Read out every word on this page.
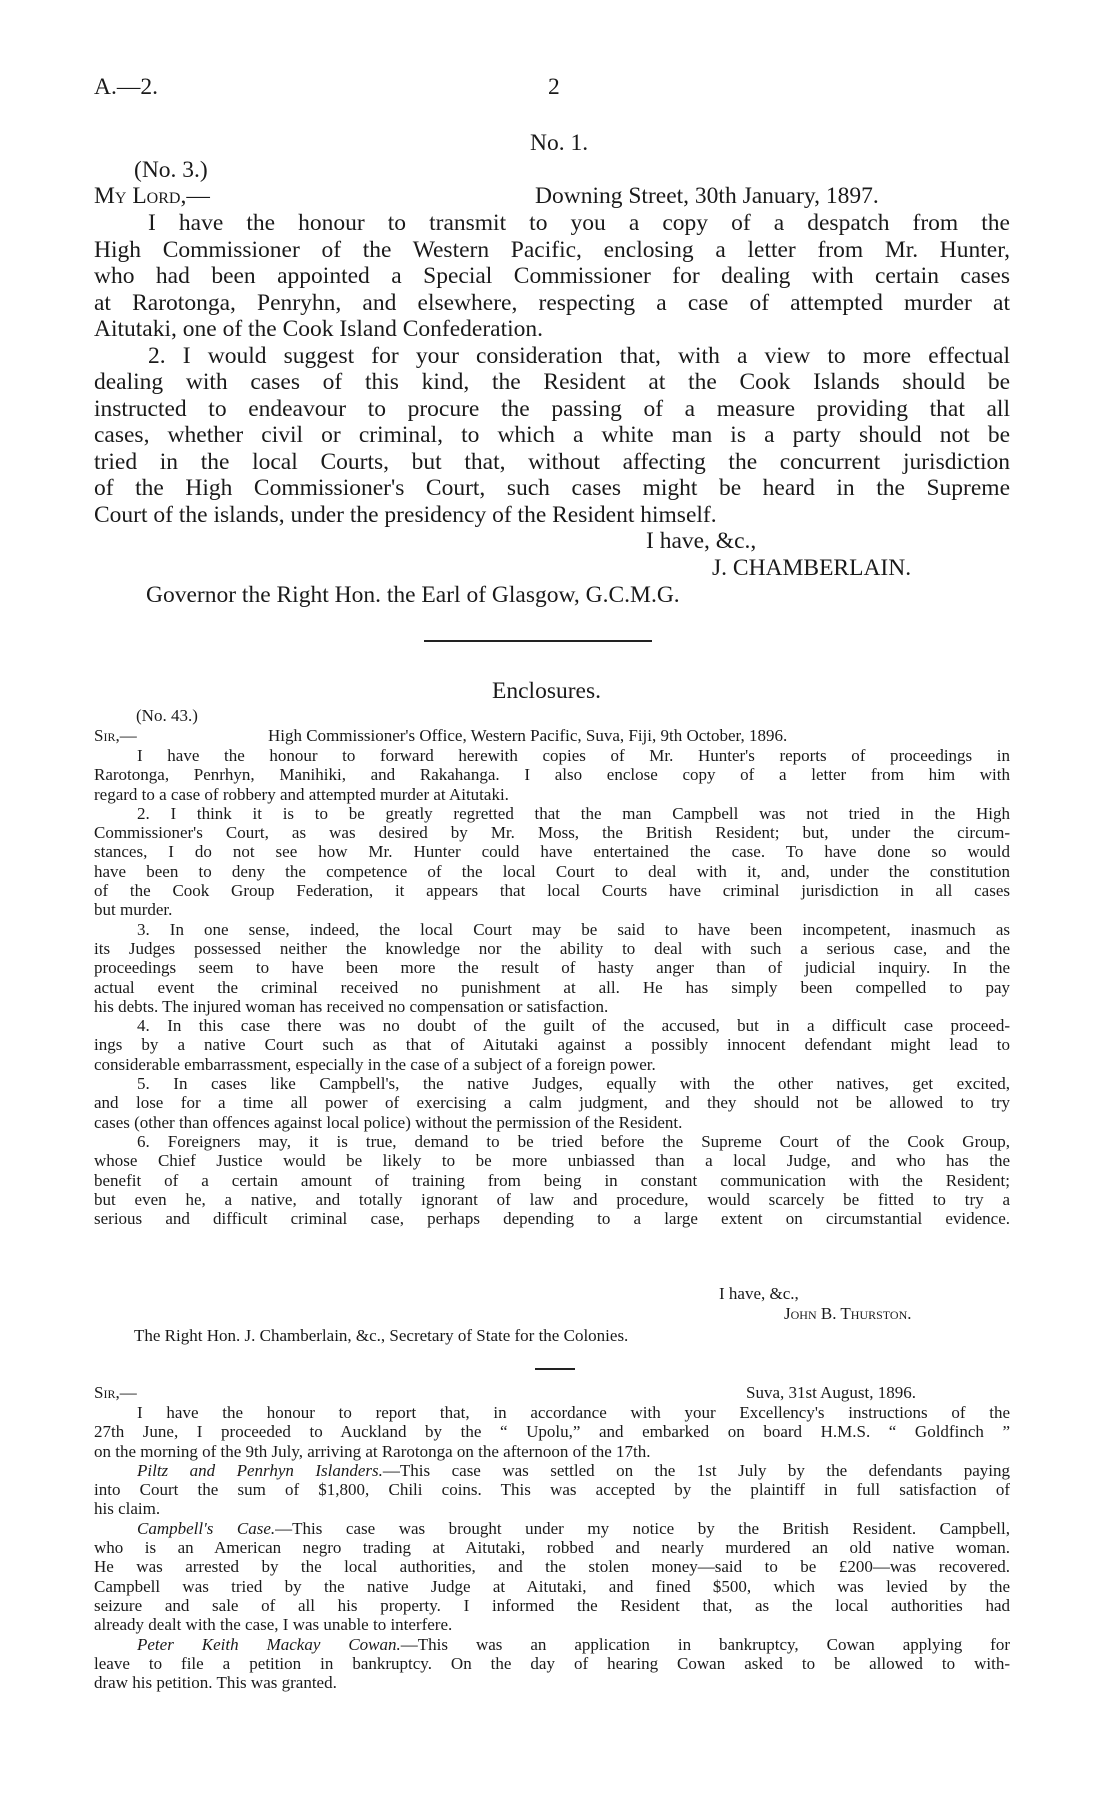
A.—2.	2
No. 1.
(No. 3.)
My Lord,—	Downing Street, 30th January, 1897.
I have the honour to transmit to you a copy of a despatch from the
High Commissioner of the Western Pacific, enclosing a letter from Mr. Hunter,
who had been appointed a Special Commissioner for dealing with certain cases
at Rarotonga, Penryhn, and elsewhere, respecting a case of attempted murder at
Aitutaki, one of the Cook Island Confederation.
2. I would suggest for your consideration that, with a view to more effectual
dealing with cases of this kind, the Resident at the Cook Islands should be
instructed to endeavour to procure the passing of a measure providing that all
cases, whether civil or criminal, to which a white man is a party should not be
tried in the local Courts, but that, without affecting the concurrent jurisdiction
of the High Commissioner's Court, such cases might be heard in the Supreme
Court of the islands, under the presidency of the Resident himself.
I have, &c.,
J. CHAMBERLAIN.
Governor the Right Hon. the Earl of Glasgow, G.C.M.G.
Enclosures.
(No. 43.)
Sir,—	High Commissioner's Office, Western Pacific, Suva, Fiji, 9th October, 1896.
I have the honour to forward herewith copies of Mr. Hunter's reports of proceedings in
Rarotonga, Penrhyn, Manihiki, and Rakahanga. I also enclose copy of a letter from him with
regard to a case of robbery and attempted murder at Aitutaki.
2. I think it is to be greatly regretted that the man Campbell was not tried in the High
Commissioner's Court, as was desired by Mr. Moss, the British Resident; but, under the circum-
stances, I do not see how Mr. Hunter could have entertained the case. To have done so would
have been to deny the competence of the local Court to deal with it, and, under the constitution
of the Cook Group Federation, it appears that local Courts have criminal jurisdiction in all cases
but murder.
3. In one sense, indeed, the local Court may be said to have been incompetent, inasmuch as
its Judges possessed neither the knowledge nor the ability to deal with such a serious case, and the
proceedings seem to have been more the result of hasty anger than of judicial inquiry. In the
actual event the criminal received no punishment at all. He has simply been compelled to pay
his debts. The injured woman has received no compensation or satisfaction.
4. In this case there was no doubt of the guilt of the accused, but in a difficult case proceed-
ings by a native Court such as that of Aitutaki against a possibly innocent defendant might lead to
considerable embarrassment, especially in the case of a subject of a foreign power.
5. In cases like Campbell's, the native Judges, equally with the other natives, get excited,
and lose for a time all power of exercising a calm judgment, and they should not be allowed to try
cases (other than offences against local police) without the permission of the Resident.
6. Foreigners may, it is true, demand to be tried before the Supreme Court of the Cook Group,
whose Chief Justice would be likely to be more unbiassed than a local Judge, and who has the
benefit of a certain amount of training from being in constant communication with the Resident;
but even he, a native, and totally ignorant of law and procedure, would scarcely be fitted to try a
serious and difficult criminal case, perhaps depending to a large extent on circumstantial evidence.
I have, &c.,
John B. Thurston.
The Right Hon. J. Chamberlain, &c., Secretary of State for the Colonies.
Sir,—	Suva, 31st August, 1896.
I have the honour to report that, in accordance with your Excellency's instructions of the
27th June, I proceeded to Auckland by the “ Upolu,” and embarked on board H.M.S. “ Goldfinch ”
on the morning of the 9th July, arriving at Rarotonga on the afternoon of the 17th.
Piltz and Penrhyn Islanders.—This case was settled on the 1st July by the defendants paying
into Court the sum of $1,800, Chili coins. This was accepted by the plaintiff in full satisfaction of
his claim.
Campbell's Case.—This case was brought under my notice by the British Resident. Campbell,
who is an American negro trading at Aitutaki, robbed and nearly murdered an old native woman.
He was arrested by the local authorities, and the stolen money—said to be £200—was recovered.
Campbell was tried by the native Judge at Aitutaki, and fined $500, which was levied by the
seizure and sale of all his property. I informed the Resident that, as the local authorities had
already dealt with the case, I was unable to interfere.
Peter Keith Mackay Cowan.—This was an application in bankruptcy, Cowan applying for
leave to file a petition in bankruptcy. On the day of hearing Cowan asked to be allowed to with-
draw his petition. This was granted.
